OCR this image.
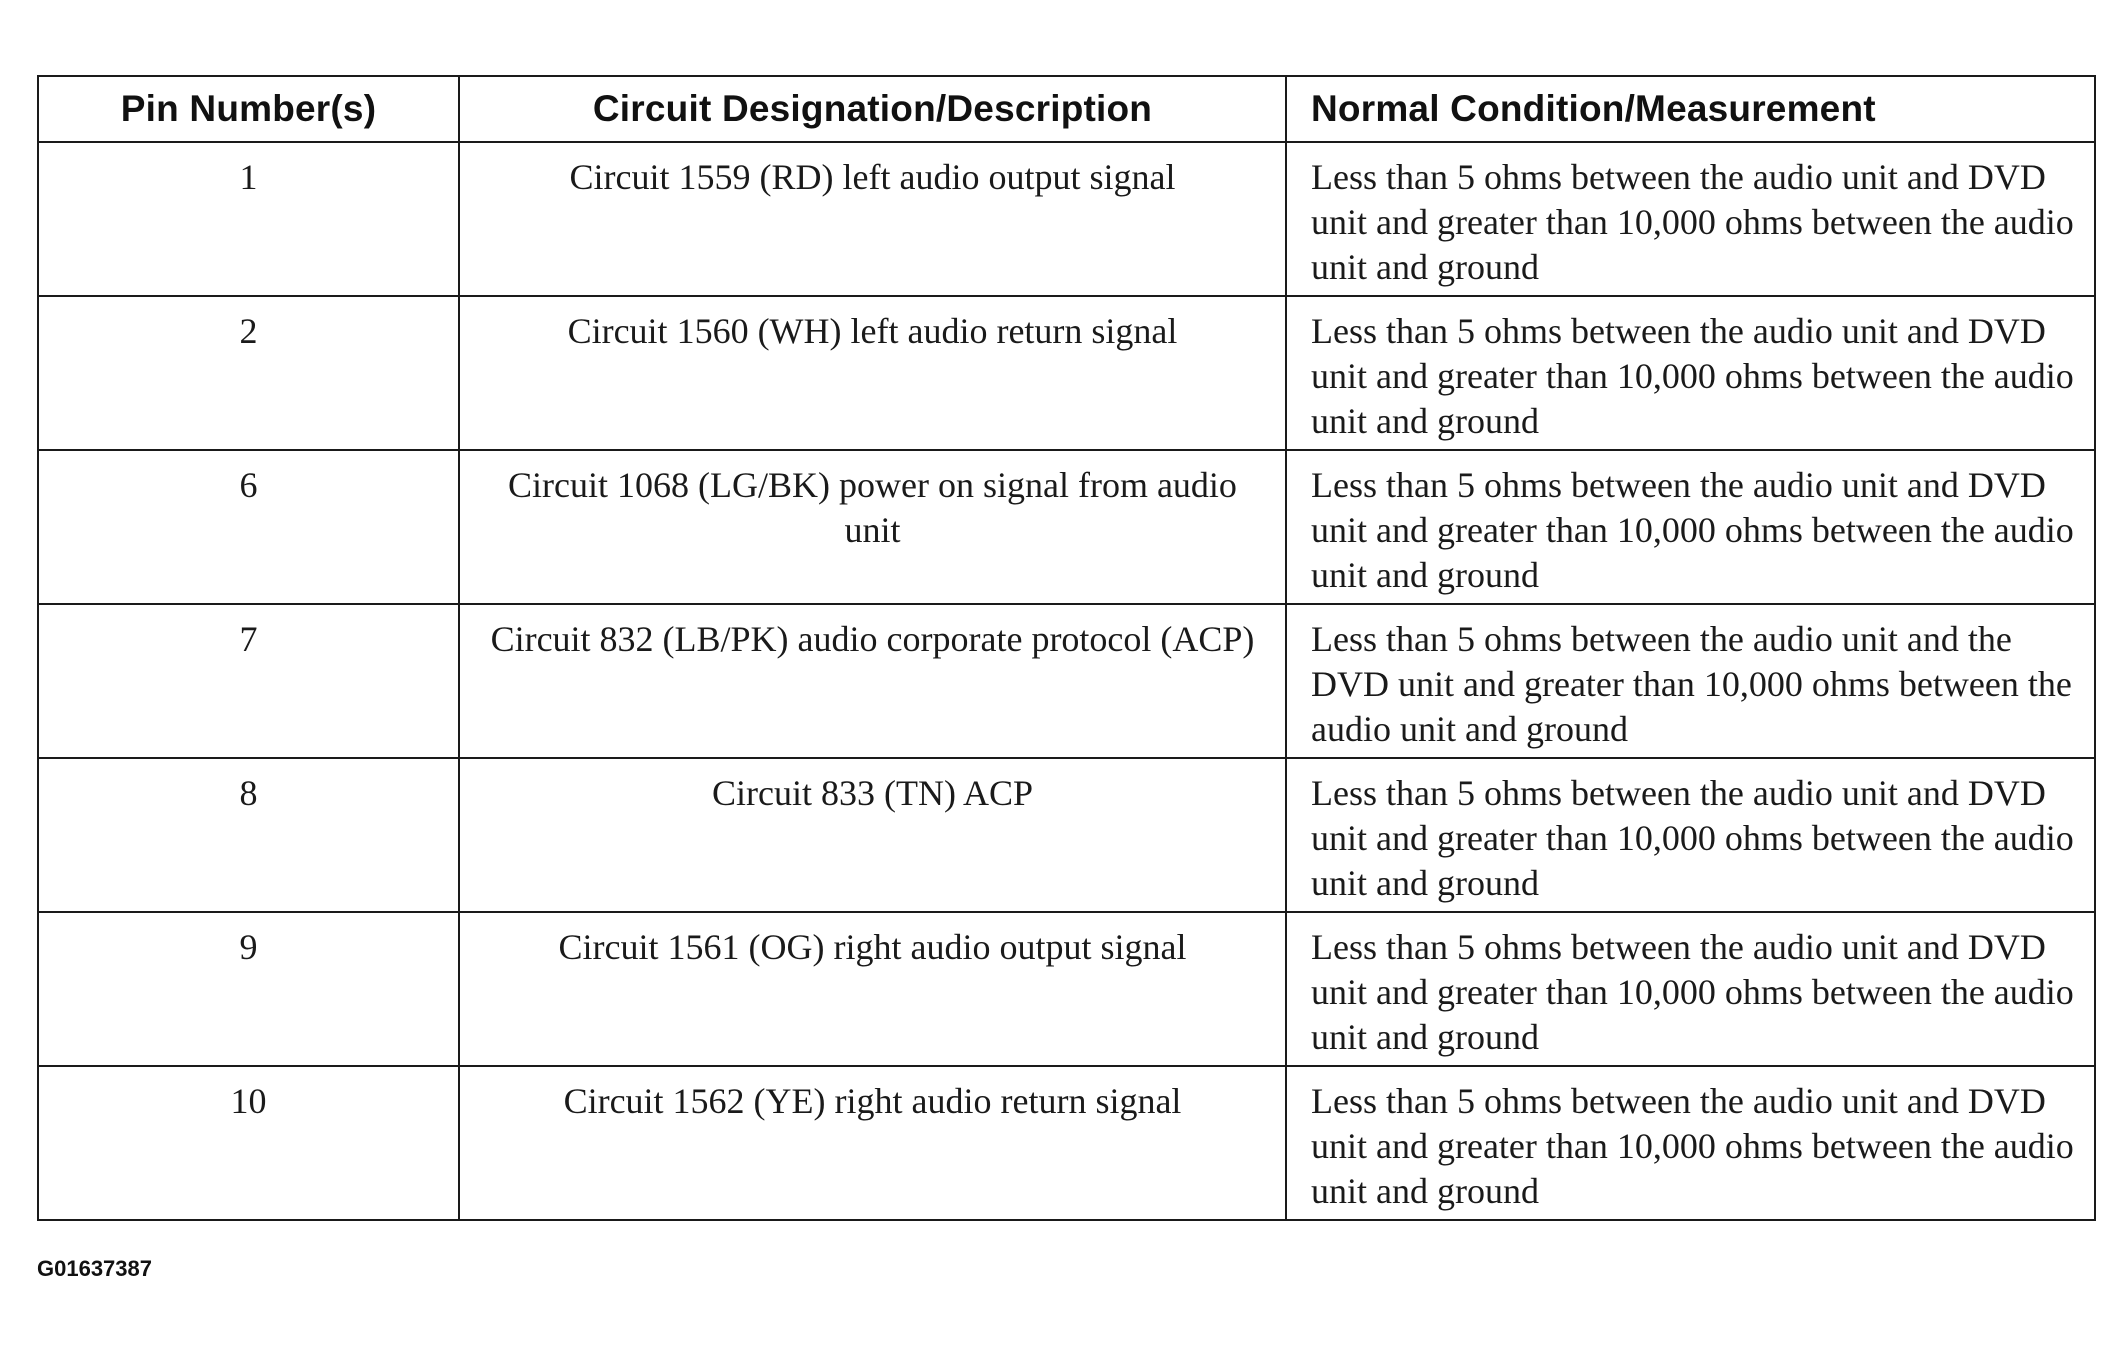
Pin Number(s)	Circuit Designation/Description	Normal Condition/Measurement
1	Circuit 1559 (RD) left audio output signal	Less than 5 ohms between the audio unit and DVD unit and greater than 10,000 ohms between the audio unit and ground
2	Circuit 1560 (WH) left audio return signal	Less than 5 ohms between the audio unit and DVD unit and greater than 10,000 ohms between the audio unit and ground
6	Circuit 1068 (LG/BK) power on signal from audio unit	Less than 5 ohms between the audio unit and DVD unit and greater than 10,000 ohms between the audio unit and ground
7	Circuit 832 (LB/PK) audio corporate protocol (ACP)	Less than 5 ohms between the audio unit and the DVD unit and greater than 10,000 ohms between the audio unit and ground
8	Circuit 833 (TN) ACP	Less than 5 ohms between the audio unit and DVD unit and greater than 10,000 ohms between the audio unit and ground
9	Circuit 1561 (OG) right audio output signal	Less than 5 ohms between the audio unit and DVD unit and greater than 10,000 ohms between the audio unit and ground
10	Circuit 1562 (YE) right audio return signal	Less than 5 ohms between the audio unit and DVD unit and greater than 10,000 ohms between the audio unit and ground
G01637387
